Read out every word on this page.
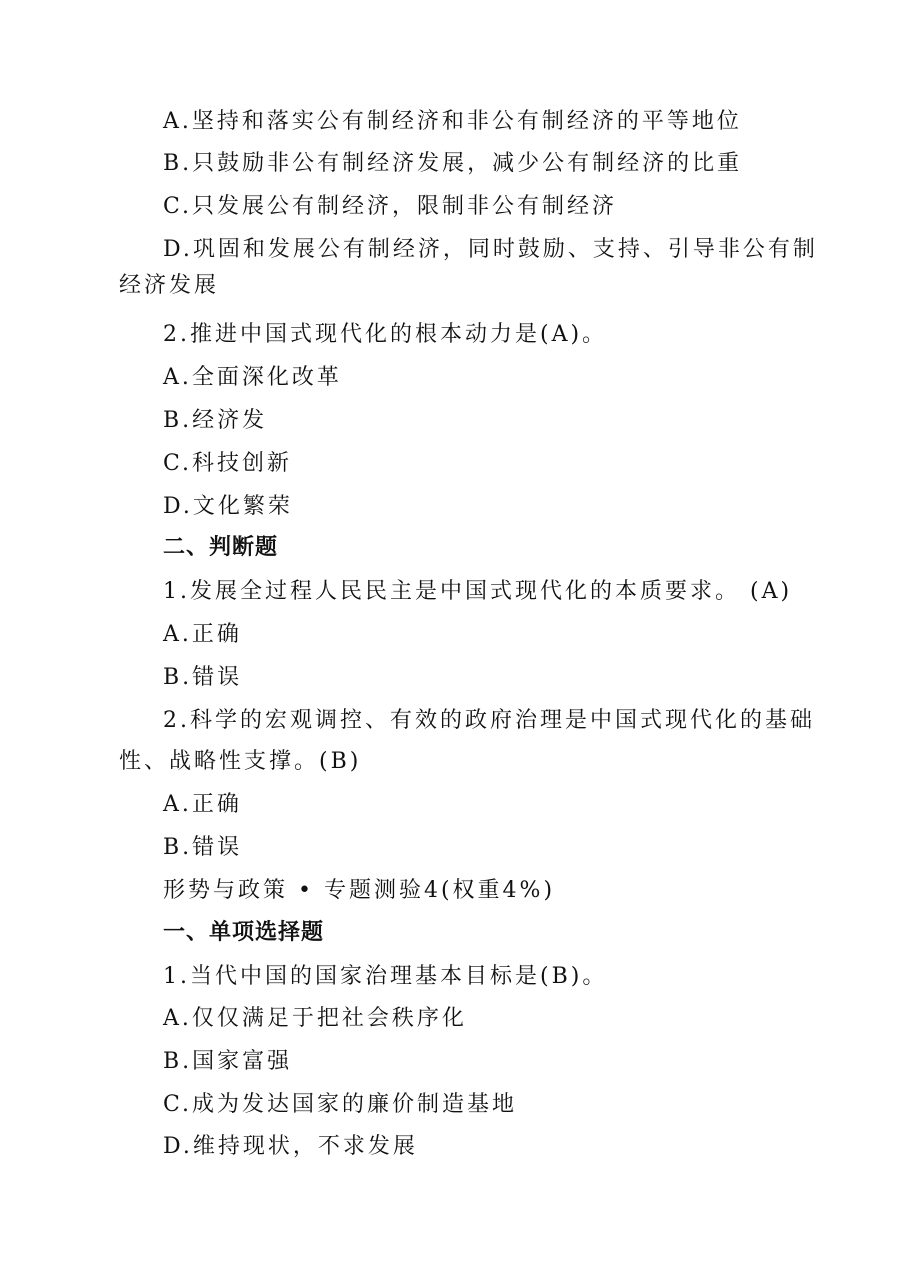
A.坚持和落实公有制经济和非公有制经济的平等地位
B.只鼓励非公有制经济发展，减少公有制经济的比重
C.只发展公有制经济，限制非公有制经济
D.巩固和发展公有制经济，同时鼓励、支持、引导非公有制
经济发展
2.推进中国式现代化的根本动力是(A)。
A.全面深化改革
B.经济发
C.科技创新
D.文化繁荣
二、判断题
1.发展全过程人民民主是中国式现代化的本质要求。 (A)
A.正确
B.错误
2.科学的宏观调控、有效的政府治理是中国式现代化的基础
性、战略性支撑。(B)
A.正确
B.错误
形势与政策 • 专题测验4(权重4%)
一、单项选择题
1.当代中国的国家治理基本目标是(B)。
A.仅仅满足于把社会秩序化
B.国家富强
C.成为发达国家的廉价制造基地
D.维持现状，不求发展
